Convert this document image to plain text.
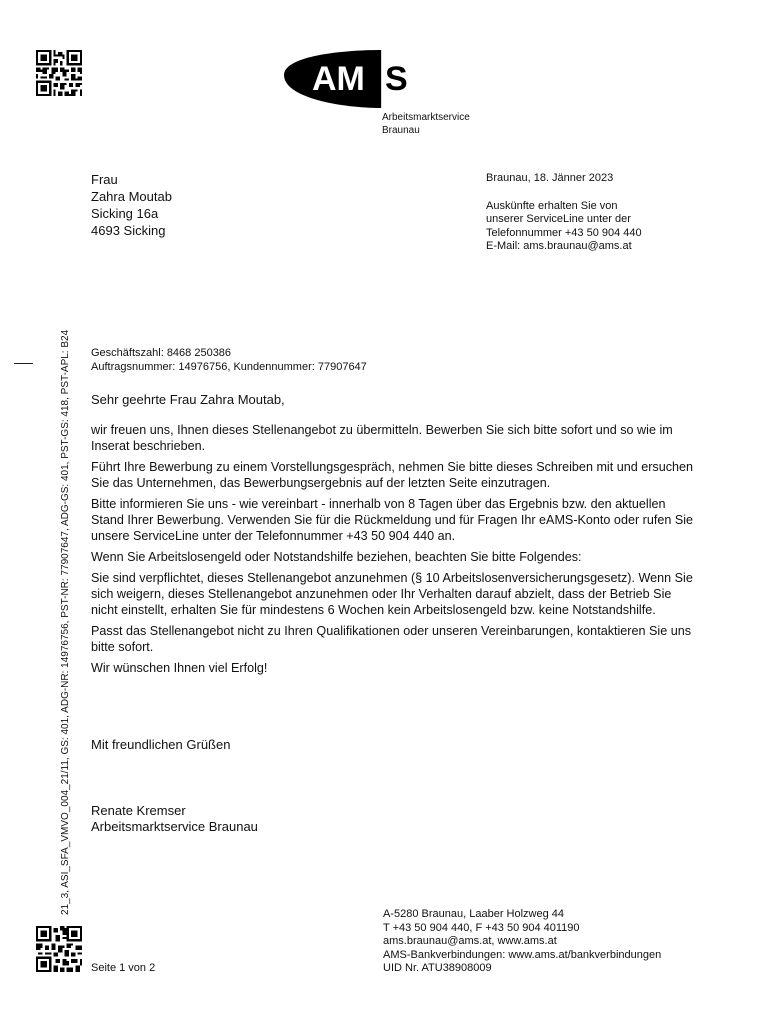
AM S
Arbeitsmarktservice
Braunau
Frau
Zahra Moutab
Sicking 16a
4693 Sicking
Braunau, 18. Jänner 2023
Auskünfte erhalten Sie von
unserer ServiceLine unter der
Telefonnummer +43 50 904 440
E-Mail: ams.braunau@ams.at
21_3, ASI_SFA_VMVO_004_21/11, GS: 401, ADG-NR: 14976756, PST-NR: 77907647, ADG-GS: 401, PST-GS: 418, PST-APL: B24 Geschäftszahl: 8468 250386
Auftragsnummer: 14976756, Kundennummer: 77907647
Sehr geehrte Frau Zahra Moutab,

wir freuen uns, Ihnen dieses Stellenangebot zu übermitteln. Bewerben Sie sich bitte sofort und so wie im Inserat beschrieben.

Führt Ihre Bewerbung zu einem Vorstellungsgespräch, nehmen Sie bitte dieses Schreiben mit und ersuchen Sie das Unternehmen, das Bewerbungsergebnis auf der letzten Seite einzutragen.

Bitte informieren Sie uns - wie vereinbart - innerhalb von 8 Tagen über das Ergebnis bzw. den aktuellen Stand Ihrer Bewerbung. Verwenden Sie für die Rückmeldung und für Fragen Ihr eAMS-Konto oder rufen Sie unsere ServiceLine unter der Telefonnummer +43 50 904 440 an.

Wenn Sie Arbeitslosengeld oder Notstandshilfe beziehen, beachten Sie bitte Folgendes:

Sie sind verpflichtet, dieses Stellenangebot anzunehmen (§ 10 Arbeitslosenversicherungsgesetz). Wenn Sie sich weigern, dieses Stellenangebot anzunehmen oder Ihr Verhalten darauf abzielt, dass der Betrieb Sie nicht einstellt, erhalten Sie für mindestens 6 Wochen kein Arbeitslosengeld bzw. keine Notstandshilfe.

Passt das Stellenangebot nicht zu Ihren Qualifikationen oder unseren Vereinbarungen, kontaktieren Sie uns bitte sofort.

Wir wünschen Ihnen viel Erfolg!

Mit freundlichen Grüßen
Renate Kremser
Arbeitsmarktservice Braunau
A-5280 Braunau, Laaber Holzweg 44
T +43 50 904 440, F +43 50 904 401190
ams.braunau@ams.at, www.ams.at
AMS-Bankverbindungen: www.ams.at/bankverbindungen
UID Nr. ATU38908009
Seite 1 von 2
